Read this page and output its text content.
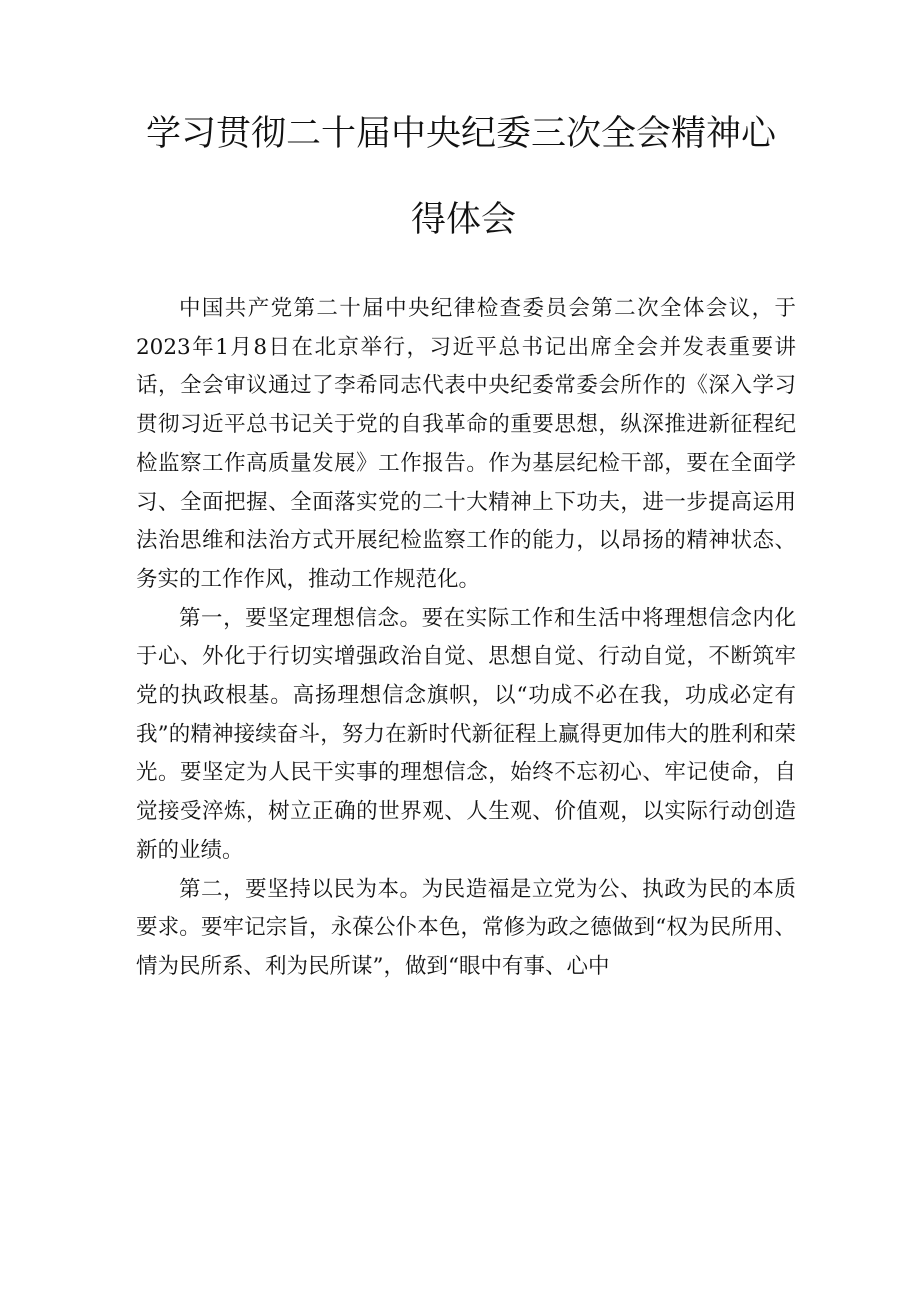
学习贯彻二十届中央纪委三次全会精神心
得体会

中国共产党第二十届中央纪律检查委员会第二次全体会议，于2023年1月8日在北京举行，习近平总书记出席全会并发表重要讲话，全会审议通过了李希同志代表中央纪委常委会所作的《深入学习贯彻习近平总书记关于党的自我革命的重要思想，纵深推进新征程纪检监察工作高质量发展》工作报告。作为基层纪检干部，要在全面学习、全面把握、全面落实党的二十大精神上下功夫，进一步提高运用法治思维和法治方式开展纪检监察工作的能力，以昂扬的精神状态、务实的工作作风，推动工作规范化。

第一，要坚定理想信念。要在实际工作和生活中将理想信念内化于心、外化于行切实增强政治自觉、思想自觉、行动自觉，不断筑牢党的执政根基。高扬理想信念旗帜，以“功成不必在我，功成必定有我”的精神接续奋斗，努力在新时代新征程上赢得更加伟大的胜利和荣光。要坚定为人民干实事的理想信念，始终不忘初心、牢记使命，自觉接受淬炼，树立正确的世界观、人生观、价值观，以实际行动创造新的业绩。

第二，要坚持以民为本。为民造福是立党为公、执政为民的本质要求。要牢记宗旨，永葆公仆本色，常修为政之德做到“权为民所用、情为民所系、利为民所谋”，做到“眼中有事、心中
